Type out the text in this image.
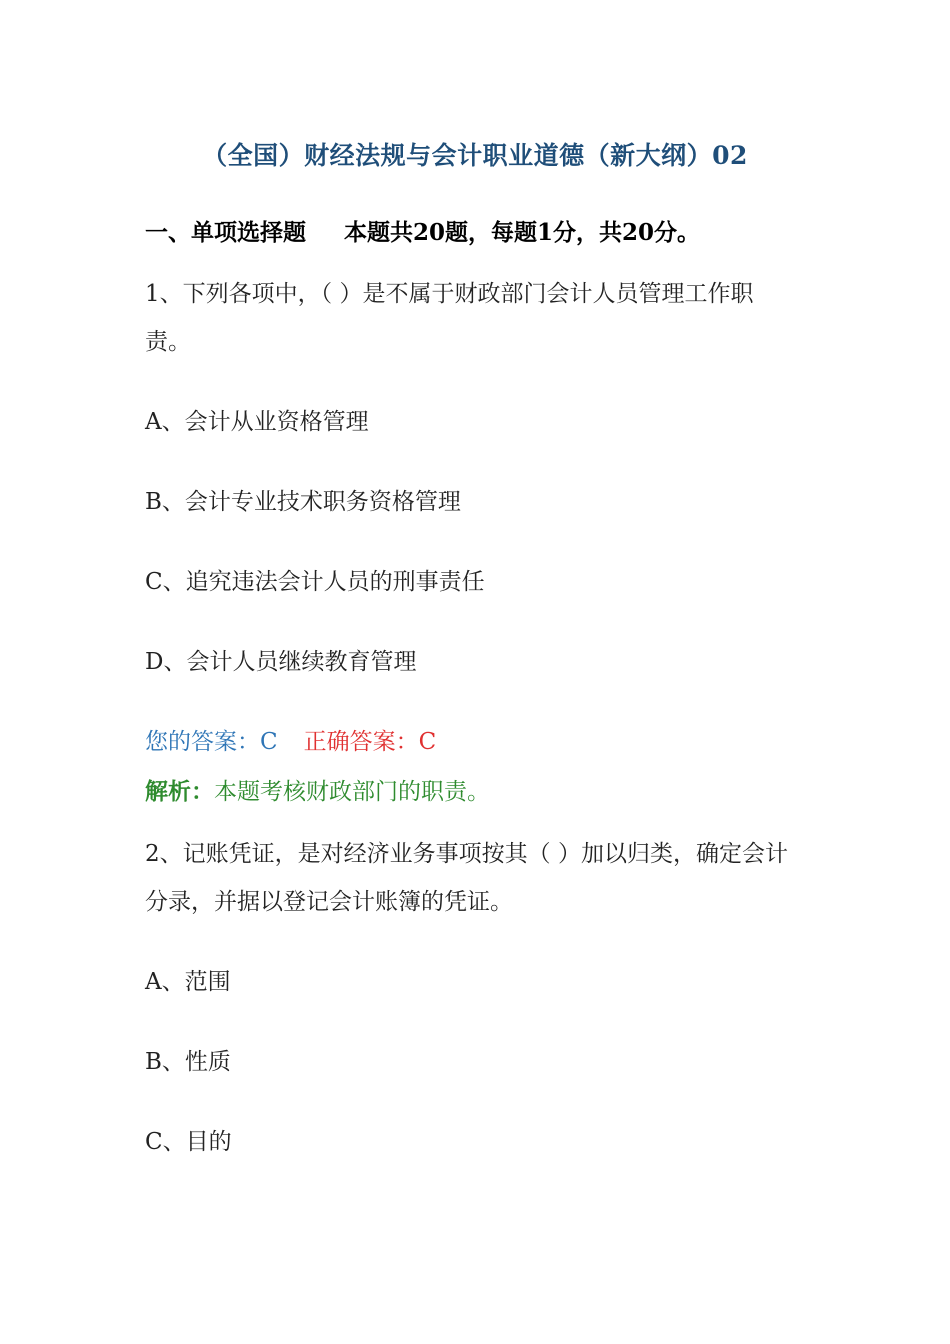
（全国）财经法规与会计职业道德（新大纲）02
一、单项选择题 本题共20题，每题1分，共20分。
1、下列各项中，（ ）是不属于财政部门会计人员管理工作职责。
A、会计从业资格管理
B、会计专业技术职务资格管理
C、追究违法会计人员的刑事责任
D、会计人员继续教育管理
您的答案：C 正确答案：C
解析：本题考核财政部门的职责。
2、记账凭证，是对经济业务事项按其（ ）加以归类，确定会计分录，并据以登记会计账簿的凭证。
A、范围
B、性质
C、目的
